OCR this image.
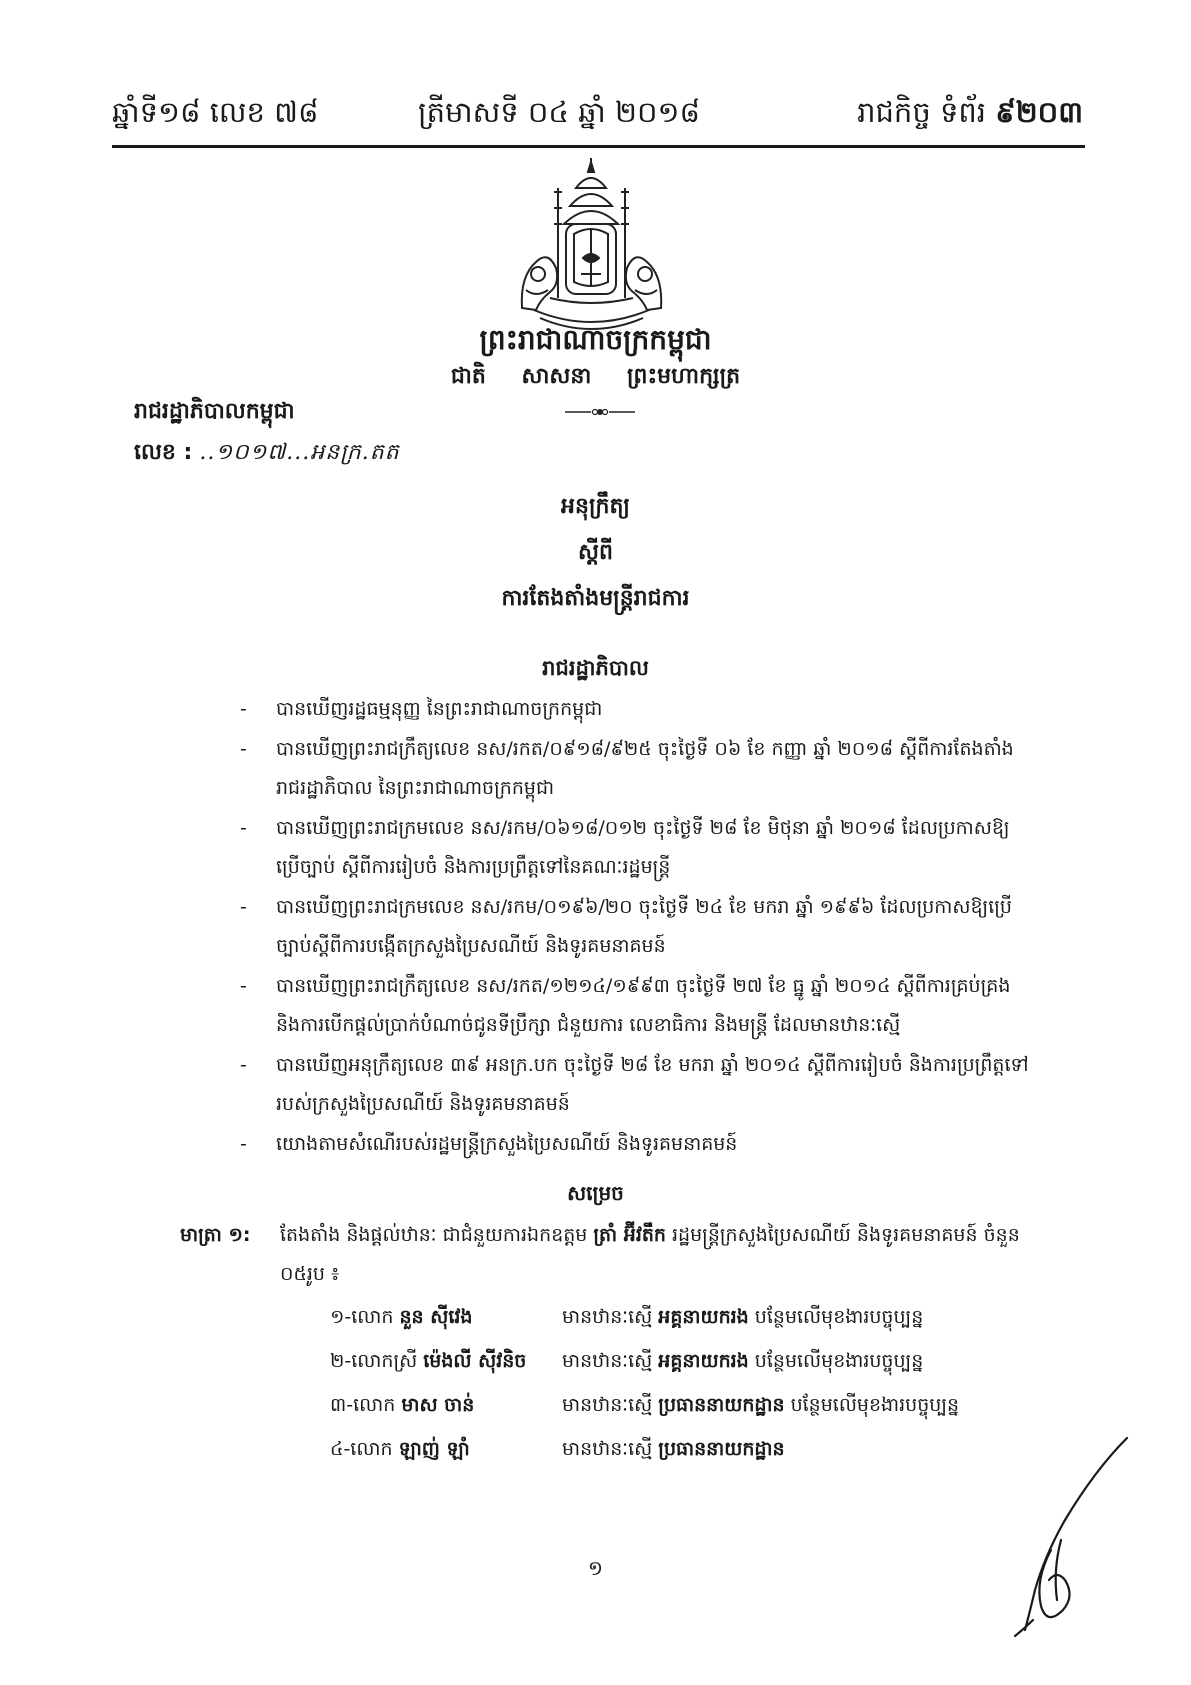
ឆ្នាំទី១៨ លេខ ៧៨	ត្រីមាសទី ០៤ ឆ្នាំ ២០១៨	រាជកិច្ច ទំព័រ ៩២០៣
ព្រះរាជាណាចក្រកម្ពុជា
ជាតិ សាសនា ព្រះមហាក្សត្រ
រាជរដ្ឋាភិបាលកម្ពុជា
លេខ : ..១០១៧...អនក្រ.តត
អនុក្រឹត្យ
ស្តីពី
ការតែងតាំងមន្ត្រីរាជការ
រាជរដ្ឋាភិបាល
- បានឃើញរដ្ឋធម្មនុញ្ញ នៃព្រះរាជាណាចក្រកម្ពុជា
- បានឃើញព្រះរាជក្រឹត្យលេខ នស/រកត/០៩១៨/៩២៥ ចុះថ្ងៃទី ០៦ ខែ កញ្ញា ឆ្នាំ ២០១៨ ស្តីពីការតែងតាំងរាជរដ្ឋាភិបាល នៃព្រះរាជាណាចក្រកម្ពុជា
- បានឃើញព្រះរាជក្រមលេខ នស/រកម/០៦១៨/០១២ ចុះថ្ងៃទី ២៨ ខែ មិថុនា ឆ្នាំ ២០១៨ ដែលប្រកាសឱ្យប្រើច្បាប់ ស្តីពីការរៀបចំ និងការប្រព្រឹត្តទៅនៃគណៈរដ្ឋមន្ត្រី
- បានឃើញព្រះរាជក្រមលេខ នស/រកម/០១៩៦/២០ ចុះថ្ងៃទី ២៤ ខែ មករា ឆ្នាំ ១៩៩៦ ដែលប្រកាសឱ្យប្រើច្បាប់ស្តីពីការបង្កើតក្រសួងប្រៃសណីយ៍ និងទូរគមនាគមន៍
- បានឃើញព្រះរាជក្រឹត្យលេខ នស/រកត/១២១៤/១៩៩៣ ចុះថ្ងៃទី ២៧ ខែ ធ្នូ ឆ្នាំ ២០១៤ ស្តីពីការគ្រប់គ្រង និងការបើកផ្តល់ប្រាក់បំណាច់ជូនទីប្រឹក្សា ជំនួយការ លេខាធិការ និងមន្ត្រី ដែលមានឋានៈស្មើ
- បានឃើញអនុក្រឹត្យលេខ ៣៩ អនក្រ.បក ចុះថ្ងៃទី ២៨ ខែ មករា ឆ្នាំ ២០១៤ ស្តីពីការរៀបចំ និងការប្រព្រឹត្តទៅរបស់ក្រសួងប្រៃសណីយ៍ និងទូរគមនាគមន៍
- យោងតាមសំណើរបស់រដ្ឋមន្ត្រីក្រសួងប្រៃសណីយ៍ និងទូរគមនាគមន៍
សម្រេច
មាត្រា ១: តែងតាំង និងផ្តល់ឋានៈ ជាជំនួយការឯកឧត្តម ត្រាំ អ៊ីវតឹក រដ្ឋមន្ត្រីក្រសួងប្រៃសណីយ៍ និងទូរគមនាគមន៍ ចំនួន ០៥រូប ៖
១-លោក នួន ស៊ីវេង	មានឋានៈស្មើ អគ្គនាយករង បន្ថែមលើមុខងារបច្ចុប្បន្ន
២-លោកស្រី ម៉េងលី ស៊ីវនិច មានឋានៈស្មើ អគ្គនាយករង បន្ថែមលើមុខងារបច្ចុប្បន្ន
៣-លោក មាស ចាន់	មានឋានៈស្មើ ប្រធាននាយកដ្ឋាន បន្ថែមលើមុខងារបច្ចុប្បន្ន
៤-លោក ឡាញ់ ឡាំ	មានឋានៈស្មើ ប្រធាននាយកដ្ឋាន
១
